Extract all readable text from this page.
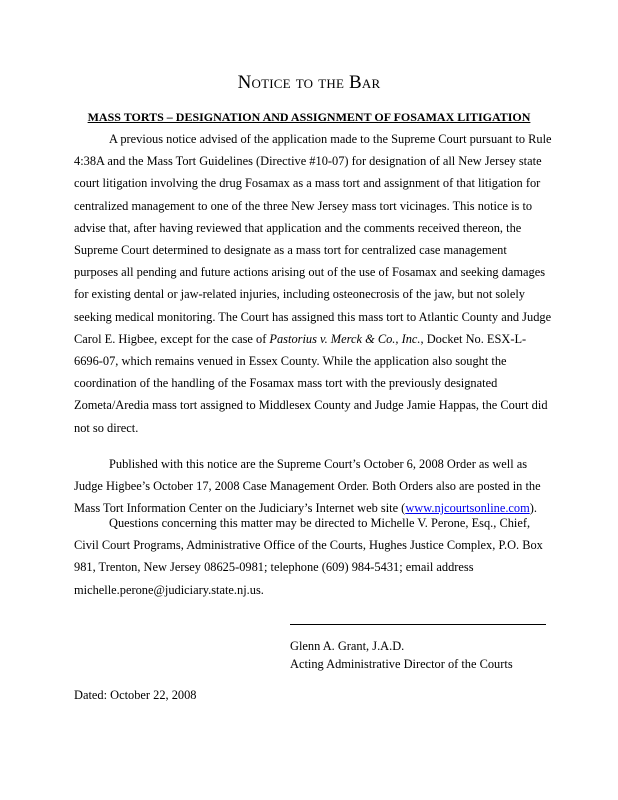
Notice to the Bar
MASS TORTS – DESIGNATION AND ASSIGNMENT OF FOSAMAX LITIGATION

A previous notice advised of the application made to the Supreme Court pursuant to Rule 4:38A and the Mass Tort Guidelines (Directive #10-07) for designation of all New Jersey state court litigation involving the drug Fosamax as a mass tort and assignment of that litigation for centralized management to one of the three New Jersey mass tort vicinages. This notice is to advise that, after having reviewed that application and the comments received thereon, the Supreme Court determined to designate as a mass tort for centralized case management purposes all pending and future actions arising out of the use of Fosamax and seeking damages for existing dental or jaw-related injuries, including osteonecrosis of the jaw, but not solely seeking medical monitoring. The Court has assigned this mass tort to Atlantic County and Judge Carol E. Higbee, except for the case of Pastorius v. Merck & Co., Inc., Docket No. ESX-L-6696-07, which remains venued in Essex County. While the application also sought the coordination of the handling of the Fosamax mass tort with the previously designated Zometa/Aredia mass tort assigned to Middlesex County and Judge Jamie Happas, the Court did not so direct.

Published with this notice are the Supreme Court’s October 6, 2008 Order as well as Judge Higbee’s October 17, 2008 Case Management Order. Both Orders also are posted in the Mass Tort Information Center on the Judiciary’s Internet web site (www.njcourtsonline.com).

Questions concerning this matter may be directed to Michelle V. Perone, Esq., Chief, Civil Court Programs, Administrative Office of the Courts, Hughes Justice Complex, P.O. Box 981, Trenton, New Jersey 08625-0981; telephone (609) 984-5431; email address michelle.perone@judiciary.state.nj.us.

Glenn A. Grant, J.A.D.
Acting Administrative Director of the Courts
Dated: October 22, 2008
